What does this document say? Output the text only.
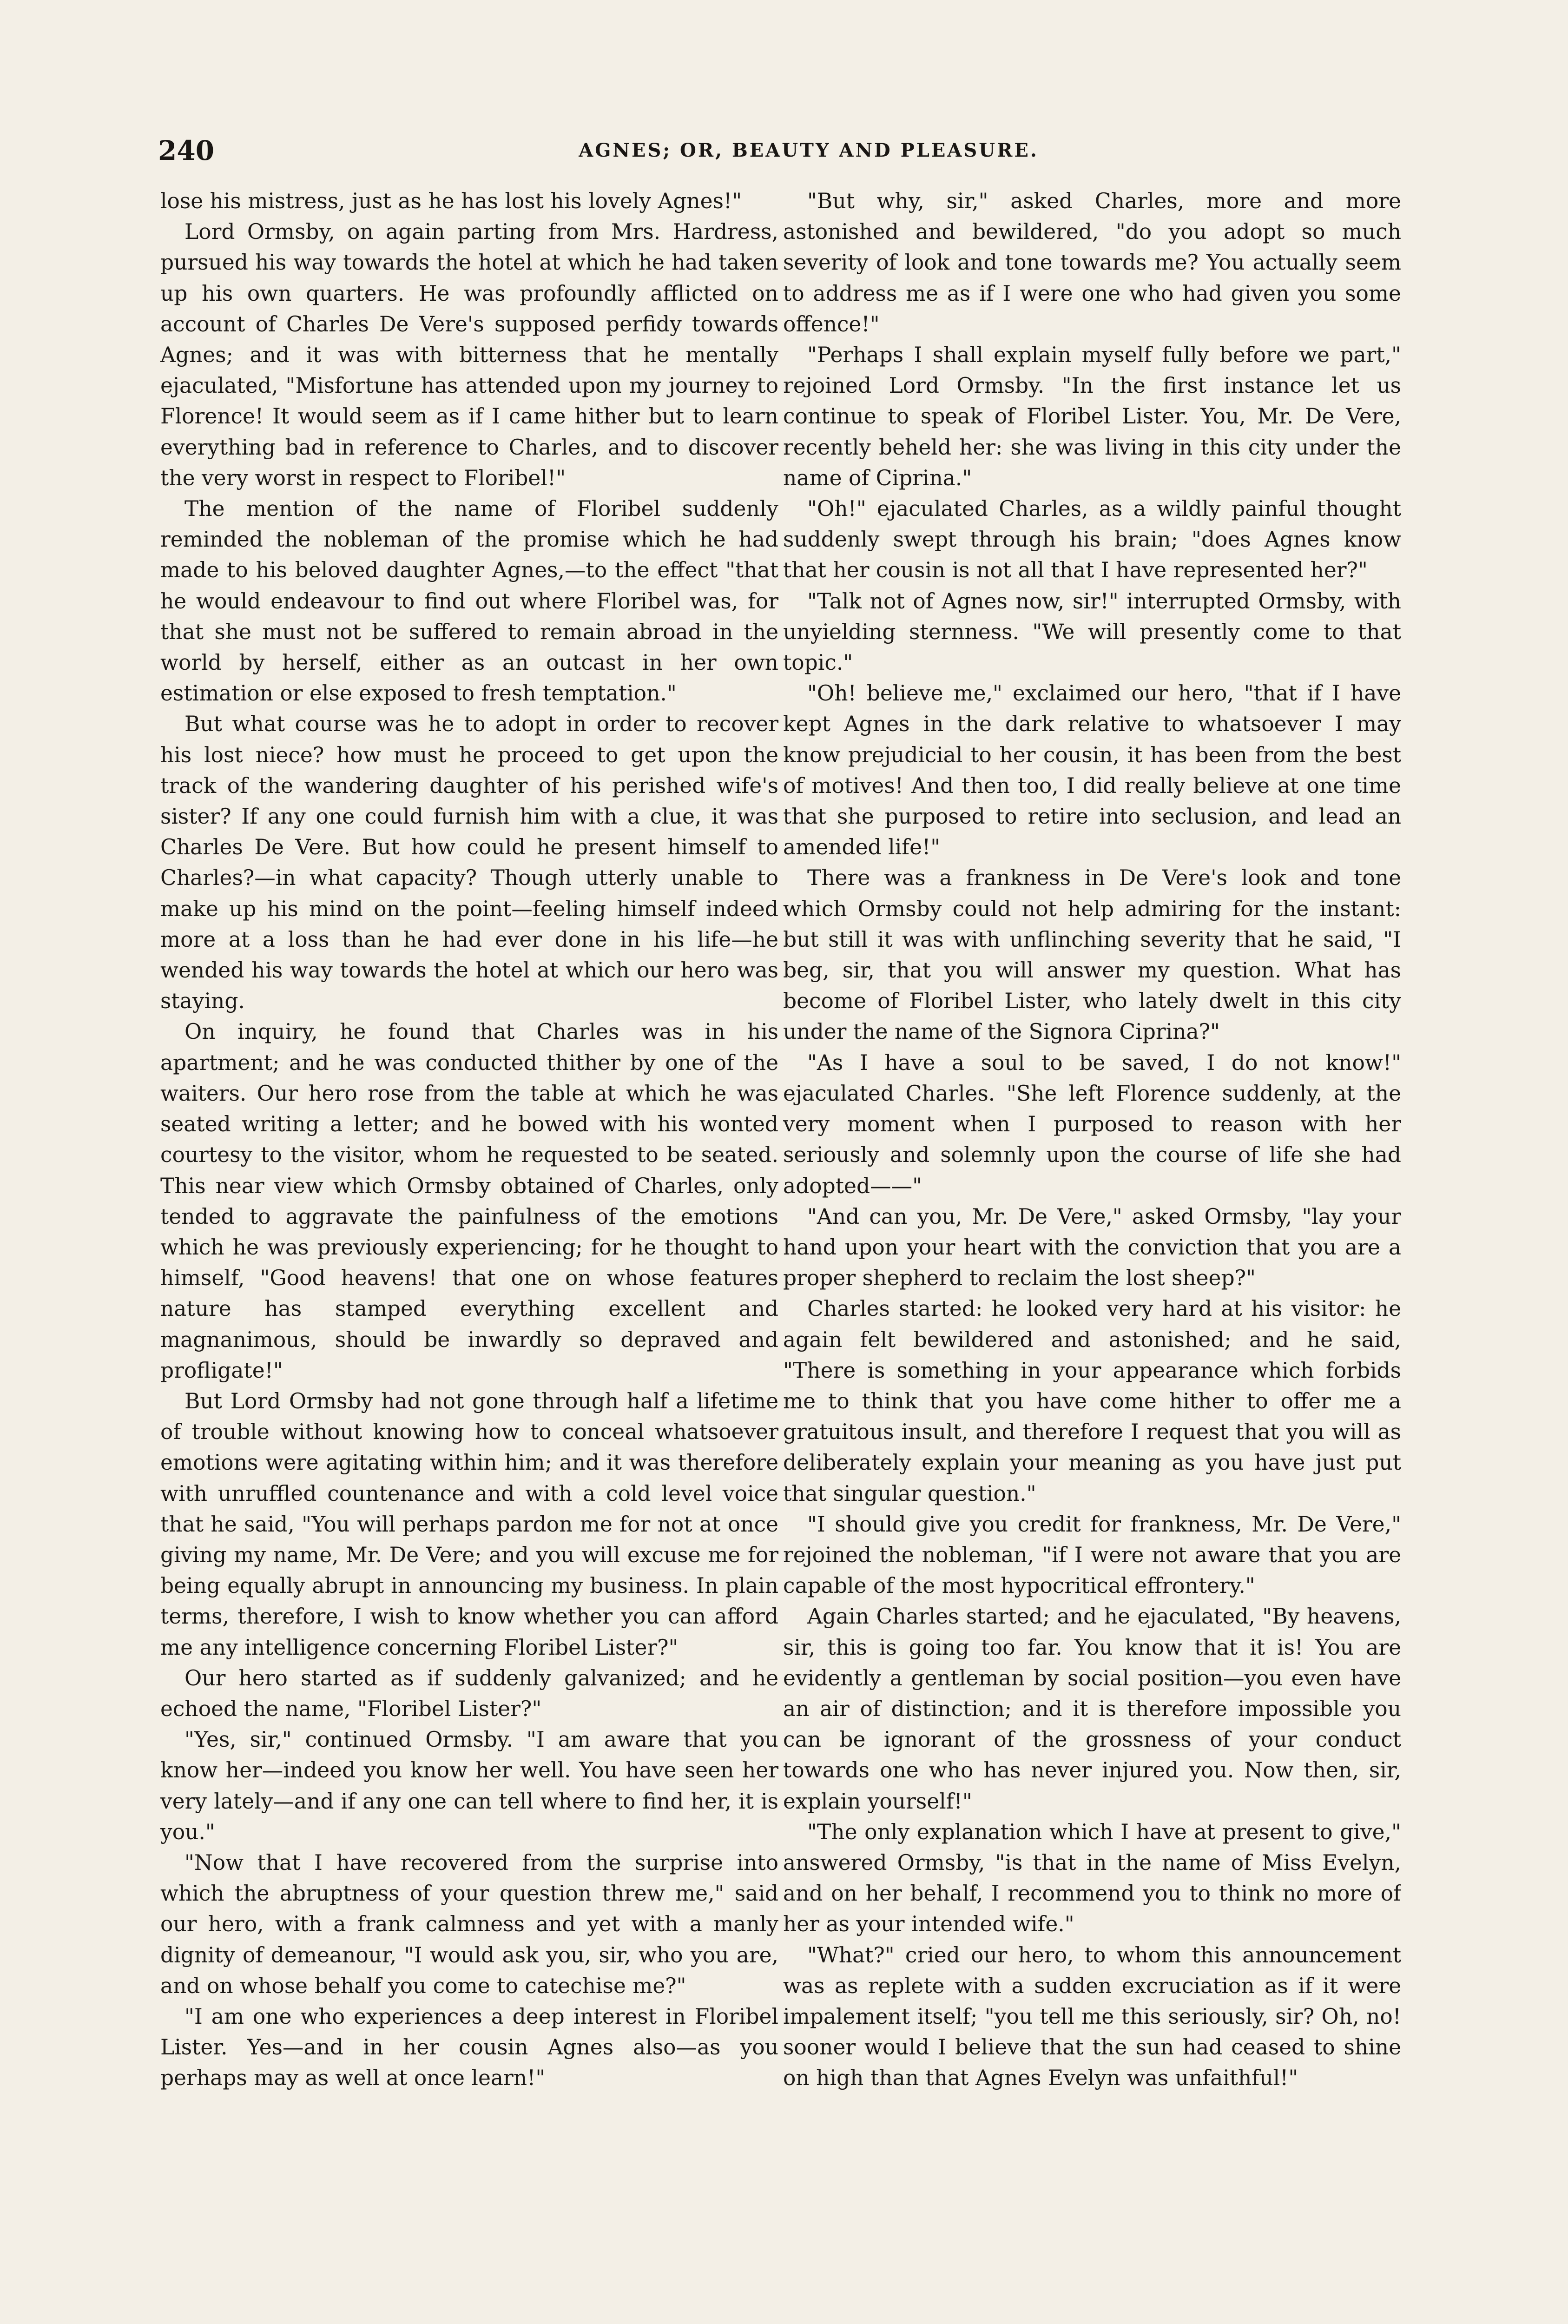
240	AGNES; OR, BEAUTY AND PLEASURE.

lose his mistress, just as he has lost his lovely Agnes!"

Lord Ormsby, on again parting from Mrs. Hardress, pursued his way towards the hotel at which he had taken up his own quarters. He was profoundly afflicted on account of Charles De Vere's supposed perfidy towards Agnes; and it was with bitterness that he mentally ejaculated, "Misfortune has attended upon my journey to Florence! It would seem as if I came hither but to learn everything bad in reference to Charles, and to discover the very worst in respect to Floribel!"

The mention of the name of Floribel suddenly reminded the nobleman of the promise which he had made to his beloved daughter Agnes,—to the effect "that he would endeavour to find out where Floribel was, for that she must not be suffered to remain abroad in the world by herself, either as an outcast in her own estimation or else exposed to fresh temptation."

But what course was he to adopt in order to recover his lost niece? how must he proceed to get upon the track of the wandering daughter of his perished wife's sister? If any one could furnish him with a clue, it was Charles De Vere. But how could he present himself to Charles?—in what capacity? Though utterly unable to make up his mind on the point—feeling himself indeed more at a loss than he had ever done in his life—he wended his way towards the hotel at which our hero was staying.

On inquiry, he found that Charles was in his apartment; and he was conducted thither by one of the waiters. Our hero rose from the table at which he was seated writing a letter; and he bowed with his wonted courtesy to the visitor, whom he requested to be seated. This near view which Ormsby obtained of Charles, only tended to aggravate the painfulness of the emotions which he was previously experiencing; for he thought to himself, "Good heavens! that one on whose features nature has stamped everything excellent and magnanimous, should be inwardly so depraved and profligate!"

But Lord Ormsby had not gone through half a lifetime of trouble without knowing how to conceal whatsoever emotions were agitating within him; and it was therefore with unruffled countenance and with a cold level voice that he said, "You will perhaps pardon me for not at once giving my name, Mr. De Vere; and you will excuse me for being equally abrupt in announcing my business. In plain terms, therefore, I wish to know whether you can afford me any intelligence concerning Floribel Lister?"

Our hero started as if suddenly galvanized; and he echoed the name, "Floribel Lister?"

"Yes, sir," continued Ormsby. "I am aware that you know her—indeed you know her well. You have seen her very lately—and if any one can tell where to find her, it is you."

"Now that I have recovered from the surprise into which the abruptness of your question threw me," said our hero, with a frank calmness and yet with a manly dignity of demeanour, "I would ask you, sir, who you are, and on whose behalf you come to catechise me?"

"I am one who experiences a deep interest in Floribel Lister. Yes—and in her cousin Agnes also—as you perhaps may as well at once learn!"

"But why, sir," asked Charles, more and more astonished and bewildered, "do you adopt so much severity of look and tone towards me? You actually seem to address me as if I were one who had given you some offence!"

"Perhaps I shall explain myself fully before we part," rejoined Lord Ormsby. "In the first instance let us continue to speak of Floribel Lister. You, Mr. De Vere, recently beheld her: she was living in this city under the name of Ciprina."

"Oh!" ejaculated Charles, as a wildly painful thought suddenly swept through his brain; "does Agnes know that her cousin is not all that I have represented her?"

"Talk not of Agnes now, sir!" interrupted Ormsby, with unyielding sternness. "We will presently come to that topic."

"Oh! believe me," exclaimed our hero, "that if I have kept Agnes in the dark relative to whatsoever I may know prejudicial to her cousin, it has been from the best of motives! And then too, I did really believe at one time that she purposed to retire into seclusion, and lead an amended life!"

There was a frankness in De Vere's look and tone which Ormsby could not help admiring for the instant: but still it was with unflinching severity that he said, "I beg, sir, that you will answer my question. What has become of Floribel Lister, who lately dwelt in this city under the name of the Signora Ciprina?"

"As I have a soul to be saved, I do not know!" ejaculated Charles. "She left Florence suddenly, at the very moment when I purposed to reason with her seriously and solemnly upon the course of life she had adopted——"

"And can you, Mr. De Vere," asked Ormsby, "lay your hand upon your heart with the conviction that you are a proper shepherd to reclaim the lost sheep?"

Charles started: he looked very hard at his visitor: he again felt bewildered and astonished; and he said, "There is something in your appearance which forbids me to think that you have come hither to offer me a gratuitous insult, and therefore I request that you will as deliberately explain your meaning as you have just put that singular question."

"I should give you credit for frankness, Mr. De Vere," rejoined the nobleman, "if I were not aware that you are capable of the most hypocritical effrontery."

Again Charles started; and he ejaculated, "By heavens, sir, this is going too far. You know that it is! You are evidently a gentleman by social position—you even have an air of distinction; and it is therefore impossible you can be ignorant of the grossness of your conduct towards one who has never injured you. Now then, sir, explain yourself!"

"The only explanation which I have at present to give," answered Ormsby, "is that in the name of Miss Evelyn, and on her behalf, I recommend you to think no more of her as your intended wife."

"What?" cried our hero, to whom this announcement was as replete with a sudden excruciation as if it were impalement itself; "you tell me this seriously, sir? Oh, no! sooner would I believe that the sun had ceased to shine on high than that Agnes Evelyn was unfaithful!"
